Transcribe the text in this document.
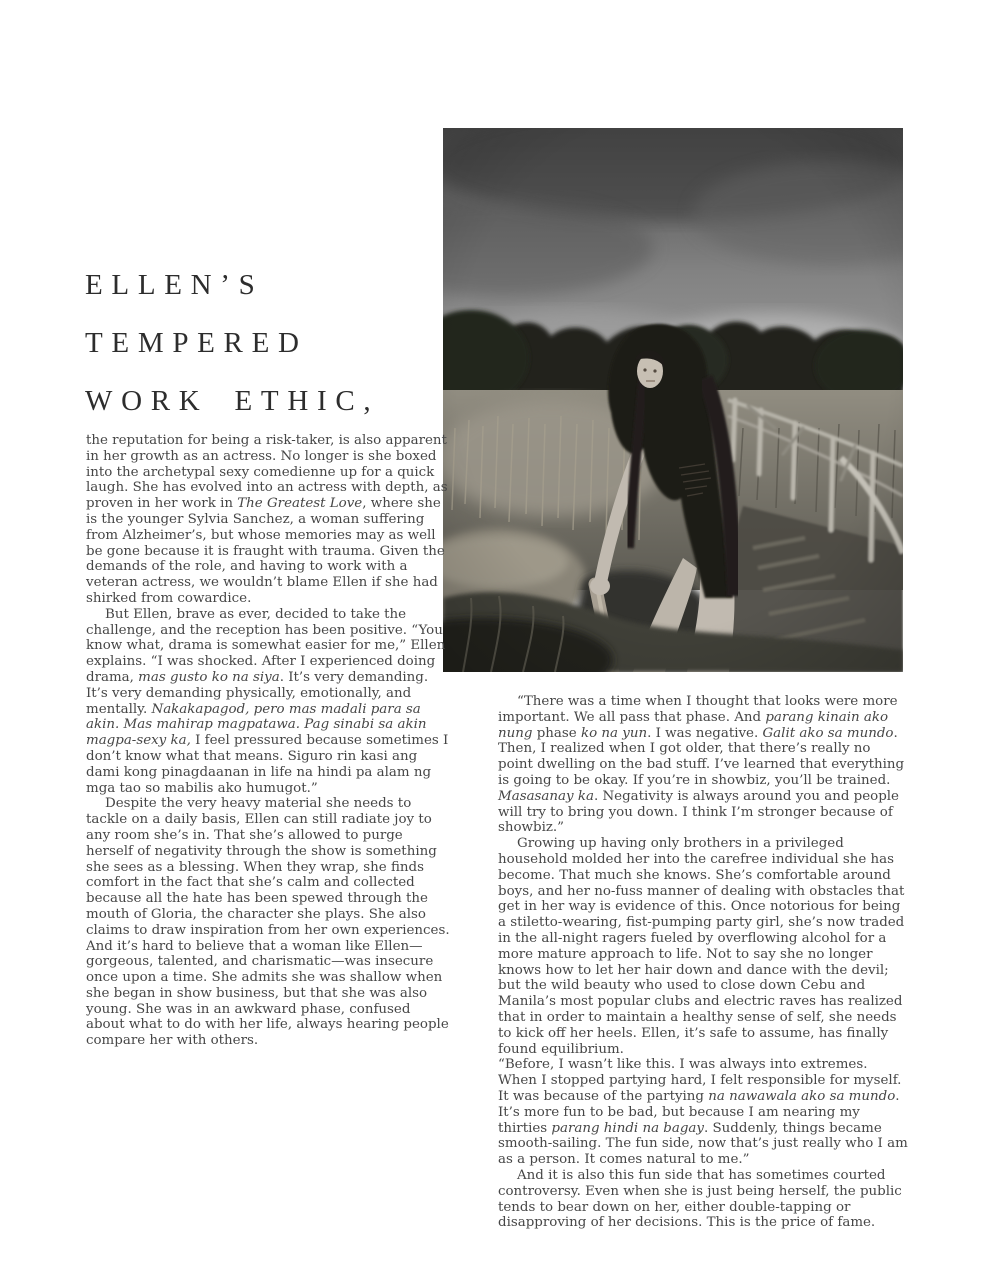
ELLEN’S
TEMPERED
WORK ETHIC,

the reputation for being a risk-taker, is also apparent in her growth as an actress. No longer is she boxed into the archetypal sexy comedienne up for a quick laugh. She has evolved into an actress with depth, as proven in her work in The Greatest Love, where she is the younger Sylvia Sanchez, a woman suffering from Alzheimer’s, but whose memories may as well be gone because it is fraught with trauma. Given the demands of the role, and having to work with a veteran actress, we wouldn’t blame Ellen if she had shirked from cowardice.

But Ellen, brave as ever, decided to take the challenge, and the reception has been positive. “You know what, drama is somewhat easier for me,” Ellen explains. “I was shocked. After I experienced doing drama, mas gusto ko na siya. It’s very demanding. It’s very demanding physically, emotionally, and mentally. Nakakapagod, pero mas madali para sa akin. Mas mahirap magpatawa. Pag sinabi sa akin magpa-sexy ka, I feel pressured because sometimes I don’t know what that means. Siguro rin kasi ang dami kong pinagdaanan in life na hindi pa alam ng mga tao so mabilis ako humugot.”

Despite the very heavy material she needs to tackle on a daily basis, Ellen can still radiate joy to any room she’s in. That she’s allowed to purge herself of negativity through the show is something she sees as a blessing. When they wrap, she finds comfort in the fact that she’s calm and collected because all the hate has been spewed through the mouth of Gloria, the character she plays. She also claims to draw inspiration from her own experiences. And it’s hard to believe that a woman like Ellen—gorgeous, talented, and charismatic—was insecure once upon a time. She admits she was shallow when she began in show business, but that she was also young. She was in an awkward phase, confused about what to do with her life, always hearing people compare her with others.

“There was a time when I thought that looks were more important. We all pass that phase. And parang kinain ako nung phase ko na yun. I was negative. Galit ako sa mundo. Then, I realized when I got older, that there’s really no point dwelling on the bad stuff. I’ve learned that everything is going to be okay. If you’re in showbiz, you’ll be trained. Masasanay ka. Negativity is always around you and people will try to bring you down. I think I’m stronger because of showbiz.”

Growing up having only brothers in a privileged household molded her into the carefree individual she has become. That much she knows. She’s comfortable around boys, and her no-fuss manner of dealing with obstacles that get in her way is evidence of this. Once notorious for being a stiletto-wearing, fist-pumping party girl, she’s now traded in the all-night ragers fueled by overflowing alcohol for a more mature approach to life. Not to say she no longer knows how to let her hair down and dance with the devil; but the wild beauty who used to close down Cebu and Manila’s most popular clubs and electric raves has realized that in order to maintain a healthy sense of self, she needs to kick off her heels. Ellen, it’s safe to assume, has finally found equilibrium.

“Before, I wasn’t like this. I was always into extremes. When I stopped partying hard, I felt responsible for myself. It was because of the partying na nawawala ako sa mundo. It’s more fun to be bad, but because I am nearing my thirties parang hindi na bagay. Suddenly, things became smooth-sailing. The fun side, now that’s just really who I am as a person. It comes natural to me.”

And it is also this fun side that has sometimes courted controversy. Even when she is just being herself, the public tends to bear down on her, either double-tapping or disapproving of her decisions. This is the price of fame.
